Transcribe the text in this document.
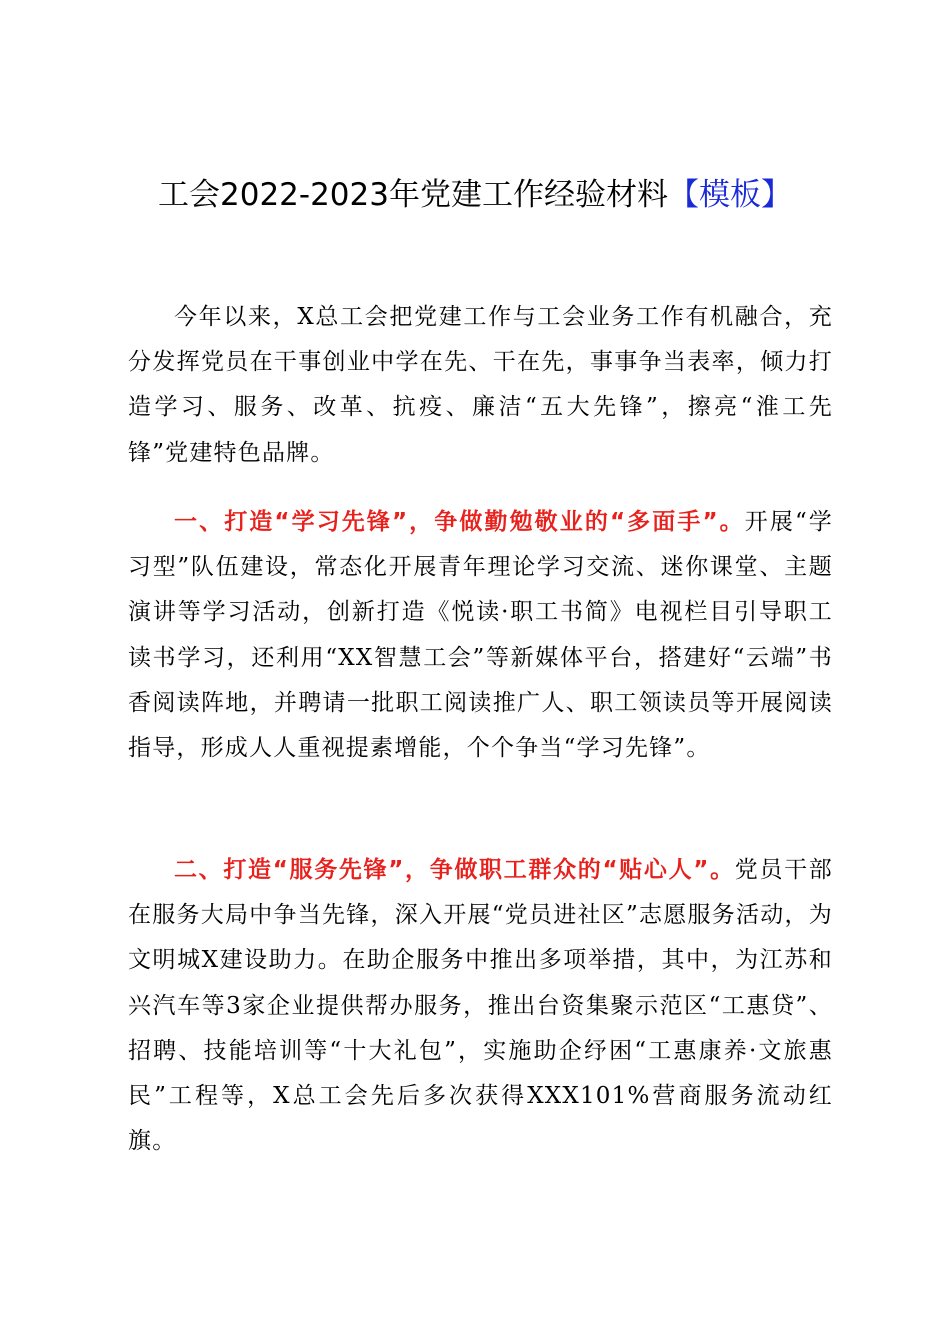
工会2022-2023年党建工作经验材料【模板】

今年以来，X总工会把党建工作与工会业务工作有机融合，充分发挥党员在干事创业中学在先、干在先，事事争当表率，倾力打造学习、服务、改革、抗疫、廉洁“五大先锋”，擦亮“淮工先锋”党建特色品牌。

一、打造“学习先锋”，争做勤勉敬业的“多面手”。开展“学习型”队伍建设，常态化开展青年理论学习交流、迷你课堂、主题演讲等学习活动，创新打造《悦读·职工书简》电视栏目引导职工读书学习，还利用“XX智慧工会”等新媒体平台，搭建好“云端”书香阅读阵地，并聘请一批职工阅读推广人、职工领读员等开展阅读指导，形成人人重视提素增能，个个争当“学习先锋”。

二、打造“服务先锋”，争做职工群众的“贴心人”。党员干部在服务大局中争当先锋，深入开展“党员进社区”志愿服务活动，为文明城X建设助力。在助企服务中推出多项举措，其中，为江苏和兴汽车等3家企业提供帮办服务，推出台资集聚示范区“工惠贷”、招聘、技能培训等“十大礼包”，实施助企纾困“工惠康养·文旅惠民”工程等，X总工会先后多次获得XXX101%营商服务流动红旗。
